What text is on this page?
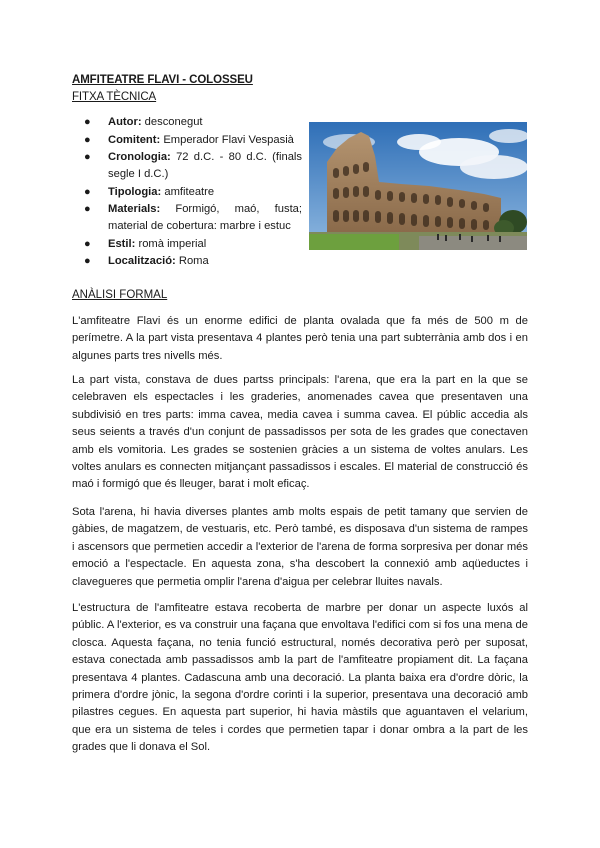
AMFITEATRE FLAVI - COLOSSEU
FITXA TÈCNICA
● Autor: desconegut
● Comitent: Emperador Flavi Vespasià
● Cronologia: 72 d.C. - 80 d.C. (finals segle I d.C.)
● Tipologia: amfiteatre
● Materials: Formigó, maó, fusta; material de cobertura: marbre i estuc
● Estil: romà imperial
● Localització: Roma
ANÀLISI FORMAL

L'amfiteatre Flavi és un enorme edifici de planta ovalada que fa més de 500 m de perímetre. A la part vista presentava 4 plantes però tenia una part subterrània amb dos i en algunes parts tres nivells més.

La part vista, constava de dues partss principals: l'arena, que era la part en la que se celebraven els espectacles i les graderies, anomenades cavea que presentaven una subdivisió en tres parts: imma cavea, media cavea i summa cavea. El públic accedia als seus seients a través d'un conjunt de passadissos per sota de les grades que conectaven amb els vomitoria. Les grades se sostenien gràcies a un sistema de voltes anulars. Les voltes anulars es connecten mitjançant passadissos i escales. El material de construcció és maó i formigó que és lleuger, barat i molt eficaç.

Sota l'arena, hi havia diverses plantes amb molts espais de petit tamany que servien de gàbies, de magatzem, de vestuaris, etc. Però també, es disposava d'un sistema de rampes i ascensors que permetien accedir a l'exterior de l'arena de forma sorpresiva per donar més emoció a l'espectacle. En aquesta zona, s'ha descobert la connexió amb aqüeductes i clavegueres que permetia omplir l'arena d'aigua per celebrar lluites navals.

L'estructura de l'amfiteatre estava recoberta de marbre per donar un aspecte luxós al públic. A l'exterior, es va construir una façana que envoltava l'edifici com si fos una mena de closca. Aquesta façana, no tenia funció estructural, només decorativa però per suposat, estava conectada amb passadissos amb la part de l'amfiteatre propiament dit. La façana presentava 4 plantes. Cadascuna amb una decoració. La planta baixa era d'ordre dòric, la primera d'ordre jònic, la segona d'ordre corinti i la superior, presentava una decoració amb pilastres cegues. En aquesta part superior, hi havia màstils que aguantaven el velarium, que era un sistema de teles i cordes que permetien tapar i donar ombra a la part de les grades que li donava el Sol.
